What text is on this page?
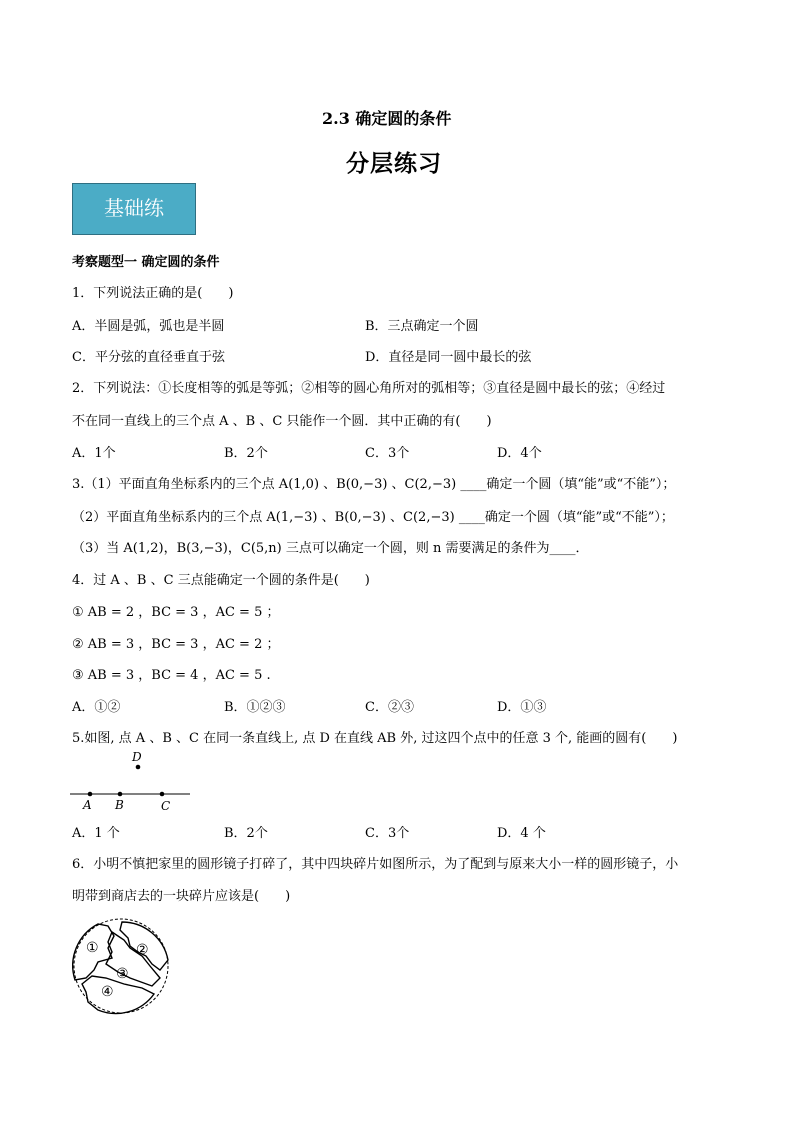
2.3 确定圆的条件
分层练习
基础练
考察题型一 确定圆的条件
1．下列说法正确的是(　　)
A．半圆是弧，弧也是半圆	B．三点确定一个圆
C．平分弦的直径垂直于弦	D．直径是同一圆中最长的弦
2．下列说法：①长度相等的弧是等弧；②相等的圆心角所对的弧相等；③直径是圆中最长的弦；④经过
不在同一直线上的三个点 A 、B 、C 只能作一个圆．其中正确的有(　　)
A．1个	B．2个	C．3个	D．4个
3.（1）平面直角坐标系内的三个点 A(1,0) 、B(0,−3) 、C(2,−3) ____确定一个圆（填“能”或“不能”）；
（2）平面直角坐标系内的三个点 A(1,−3) 、B(0,−3) 、C(2,−3) ____确定一个圆（填“能”或“不能”）；
（3）当 A(1,2)，B(3,−3)，C(5,n) 三点可以确定一个圆，则 n 需要满足的条件为____．
4．过 A 、B 、C 三点能确定一个圆的条件是(　　)
① AB = 2 ，BC = 3 ，AC = 5 ；
② AB = 3 ，BC = 3 ，AC = 2 ；
③ AB = 3 ，BC = 4 ，AC = 5 .
A．①②	B．①②③	C．②③	D．①③
5.如图, 点 A 、B 、C 在同一条直线上, 点 D 在直线 AB 外, 过这四个点中的任意 3 个, 能画的圆有(　　)
D
A B	C
A．1 个	B．2个	C．3个	D．4 个
6．小明不慎把家里的圆形镜子打碎了，其中四块碎片如图所示，为了配到与原来大小一样的圆形镜子，小
明带到商店去的一块碎片应该是(　　)
①	②
③
④
